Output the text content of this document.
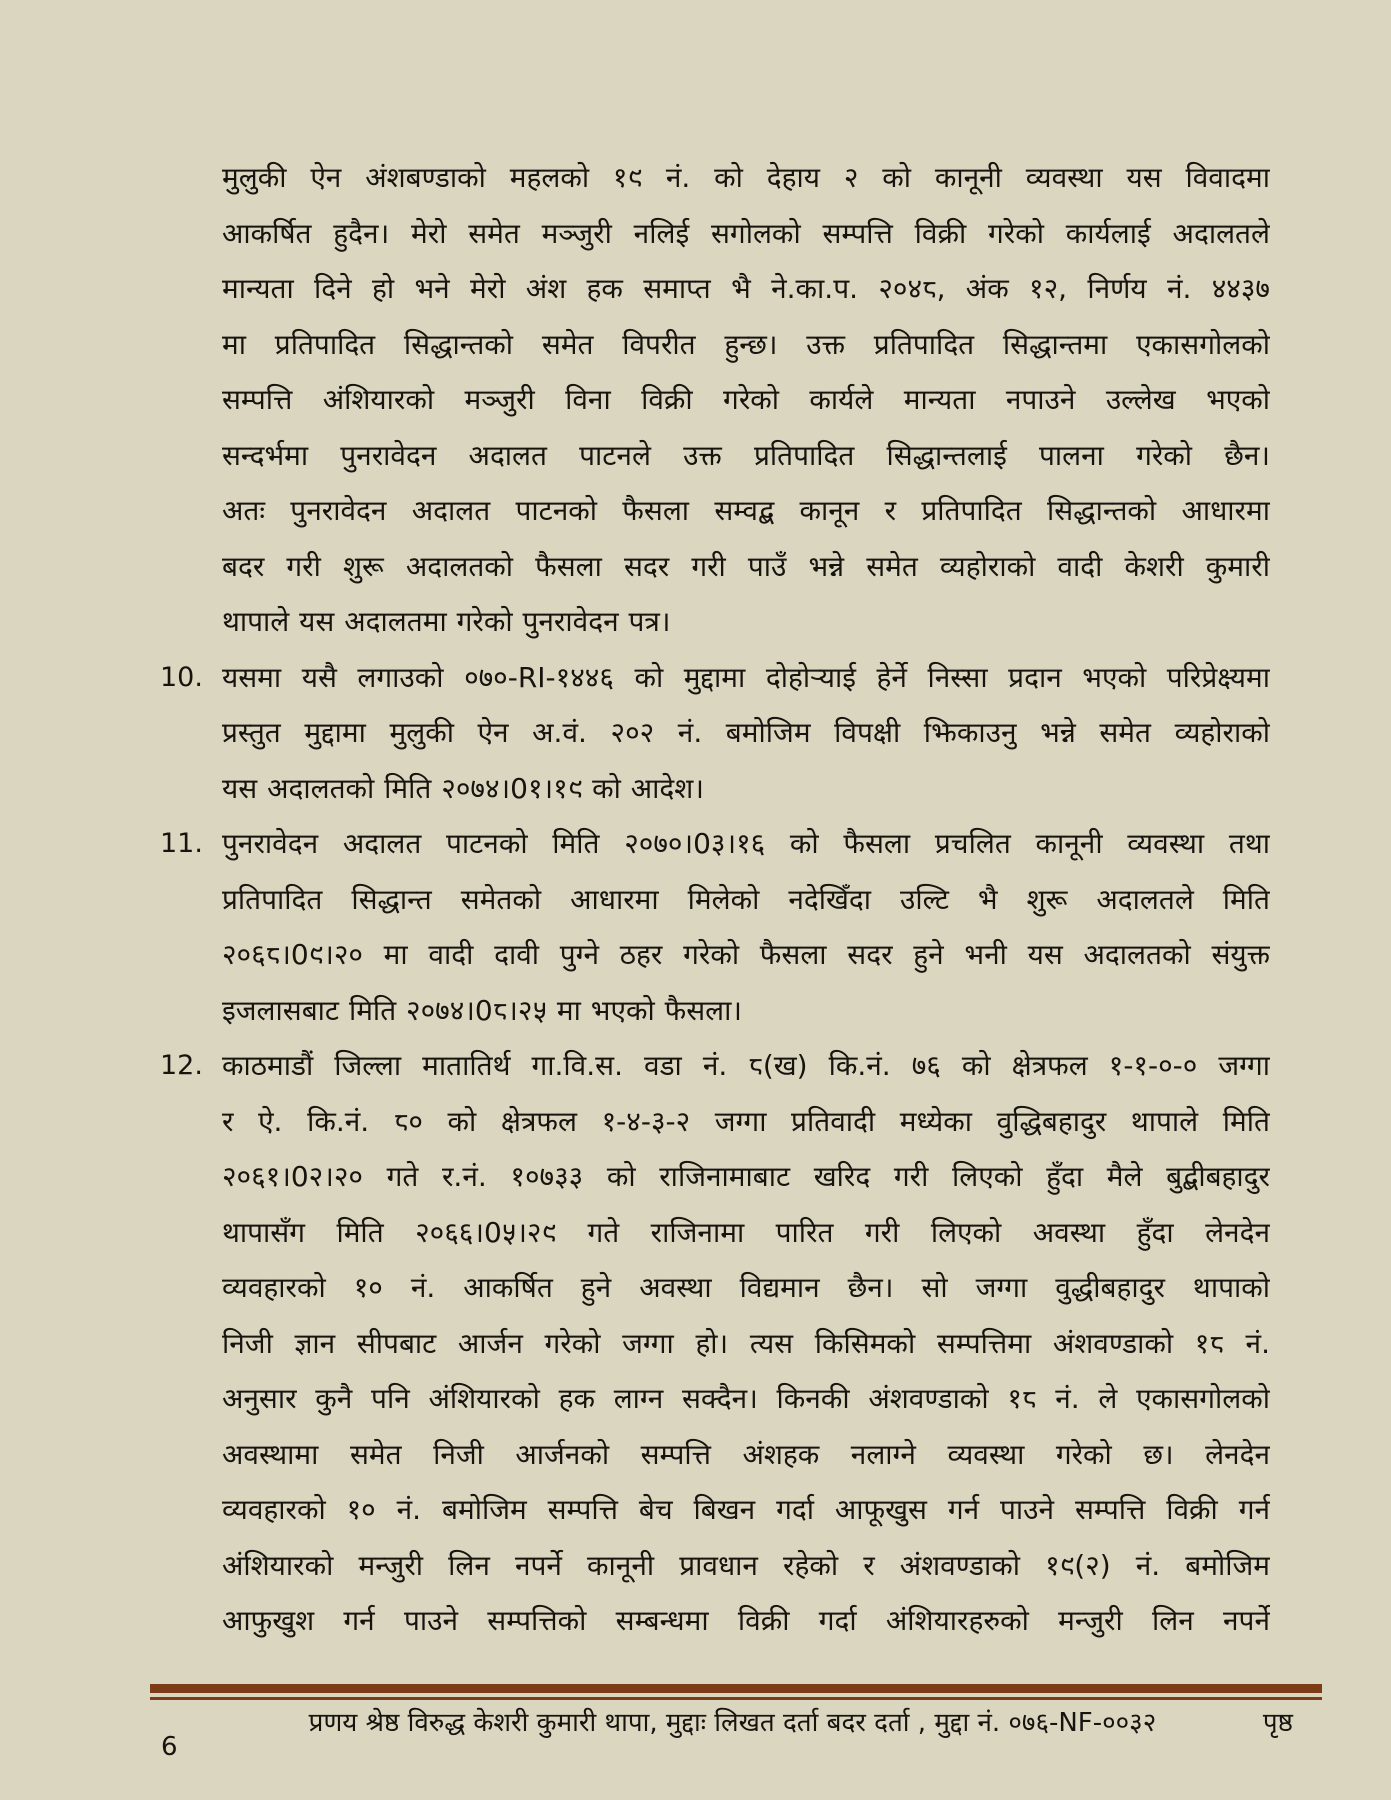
मुलुकी ऐन अंशबण्डाको महलको १९ नं. को देहाय २ को कानूनी व्यवस्था यस विवादमा
आकर्षित हुदैन। मेरो समेत मञ्जुरी नलिई सगोलको सम्पत्ति विक्री गरेको कार्यलाई अदालतले
मान्यता दिने हो भने मेरो अंश हक समाप्त भै ने.का.प. २०४८, अंक १२, निर्णय नं. ४४३७
मा प्रतिपादित सिद्धान्तको समेत विपरीत हुन्छ। उक्त प्रतिपादित सिद्धान्तमा एकासगोलको
सम्पत्ति अंशियारको मञ्जुरी विना विक्री गरेको कार्यले मान्यता नपाउने उल्लेख भएको
सन्दर्भमा पुनरावेदन अदालत पाटनले उक्त प्रतिपादित सिद्धान्तलाई पालना गरेको छैन।
अतः पुनरावेदन अदालत पाटनको फैसला सम्वद्ब कानून र प्रतिपादित सिद्धान्तको आधारमा
बदर गरी शुरू अदालतको फैसला सदर गरी पाउँ भन्ने समेत व्यहोराको वादी केशरी कुमारी
थापाले यस अदालतमा गरेको पुनरावेदन पत्र।
10. यसमा यसै लगाउको ०७०-RI-१४४६ को मुद्दामा दोहोऱ्याई हेर्ने निस्सा प्रदान भएको परिप्रेक्ष्यमा
प्रस्तुत मुद्दामा मुलुकी ऐन अ.वं. २०२ नं. बमोजिम विपक्षी झिकाउनु भन्ने समेत व्यहोराको
यस अदालतको मिति २०७४।0१।१९ को आदेश।
11. पुनरावेदन अदालत पाटनको मिति २०७०।0३।१६ को फैसला प्रचलित कानूनी व्यवस्था तथा
प्रतिपादित सिद्धान्त समेतको आधारमा मिलेको नदेखिँदा उल्टि भै शुरू अदालतले मिति
२०६८।0९।२० मा वादी दावी पुग्ने ठहर गरेको फैसला सदर हुने भनी यस अदालतको संयुक्त
इजलासबाट मिति २०७४।0८।२५ मा भएको फैसला।
12. काठमाडौं जिल्ला मातातिर्थ गा.वि.स. वडा नं. ८(ख) कि.नं. ७६ को क्षेत्रफल १-१-०-० जग्गा
र ऐ. कि.नं. ८० को क्षेत्रफल १-४-३-२ जग्गा प्रतिवादी मध्येका वुद्धिबहादुर थापाले मिति
२०६१।0२।२० गते र.नं. १०७३३ को राजिनामाबाट खरिद गरी लिएको हुँदा मैले बुद्बीबहादुर
थापासँग मिति २०६६।0५।२९ गते राजिनामा पारित गरी लिएको अवस्था हुँदा लेनदेन
व्यवहारको १० नं. आकर्षित हुने अवस्था विद्यमान छैन। सो जग्गा वुद्धीबहादुर थापाको
निजी ज्ञान सीपबाट आर्जन गरेको जग्गा हो। त्यस किसिमको सम्पत्तिमा अंशवण्डाको १८ नं.
अनुसार कुनै पनि अंशियारको हक लाग्न सक्दैन। किनकी अंशवण्डाको १८ नं. ले एकासगोलको
अवस्थामा समेत निजी आर्जनको सम्पत्ति अंशहक नलाग्ने व्यवस्था गरेको छ। लेनदेन
व्यवहारको १० नं. बमोजिम सम्पत्ति बेच बिखन गर्दा आफूखुस गर्न पाउने सम्पत्ति विक्री गर्न
अंशियारको मन्जुरी लिन नपर्ने कानूनी प्रावधान रहेको र अंशवण्डाको १९(२) नं. बमोजिम
आफुखुश गर्न पाउने सम्पत्तिको सम्बन्धमा विक्री गर्दा अंशियारहरुको मन्जुरी लिन नपर्ने
प्रणय श्रेष्ठ विरुद्ध केशरी कुमारी थापा, मुद्दाः लिखत दर्ता बदर दर्ता , मुद्दा नं. ०७६-NF-००३२	पृष्ठ
6
